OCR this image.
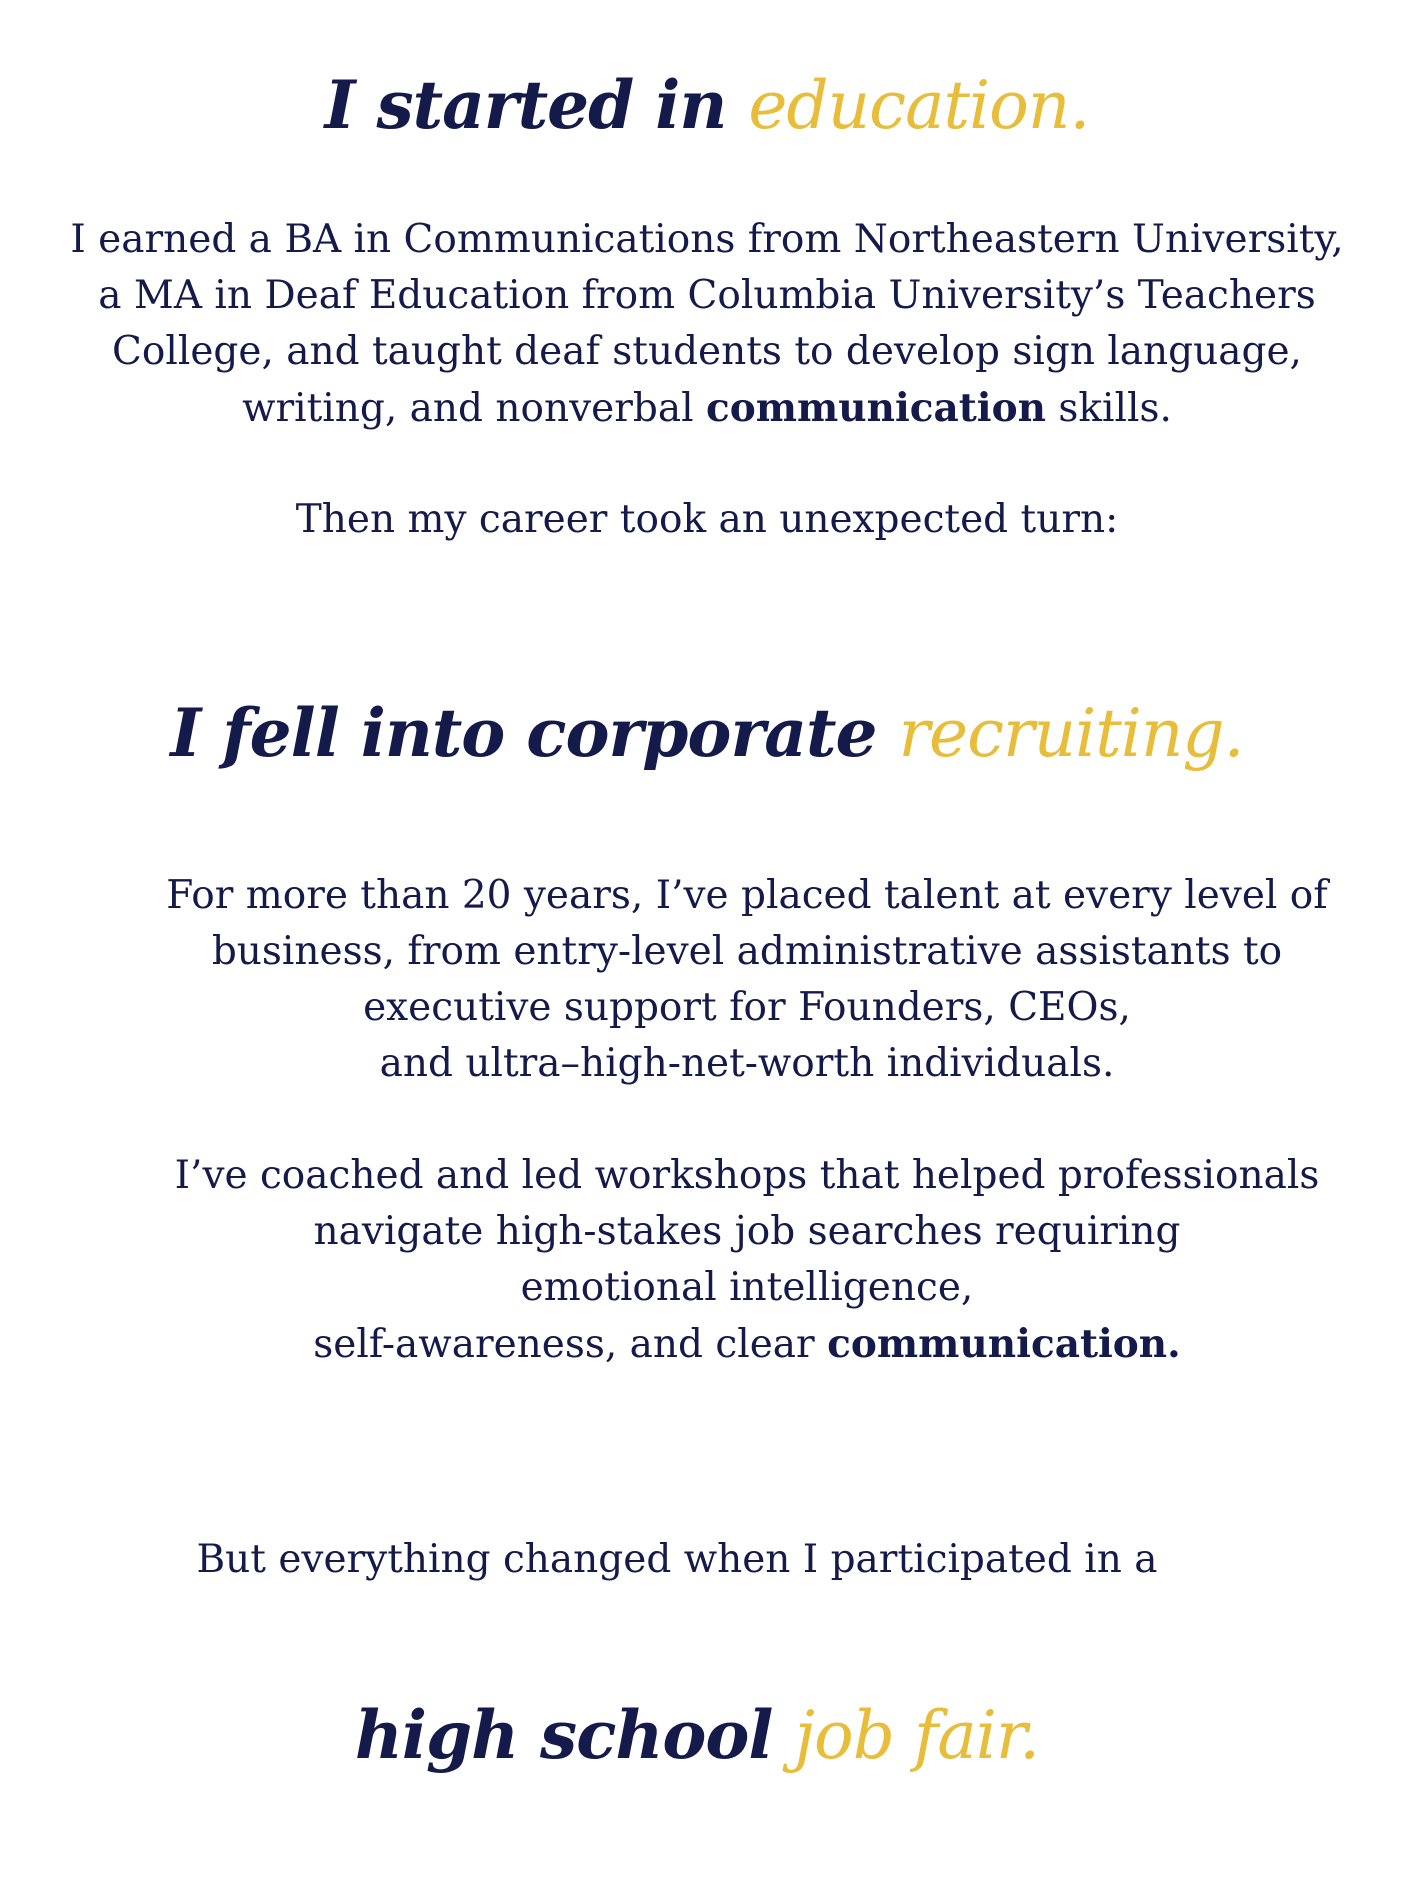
I started in education.
I earned a BA in Communications from Northeastern University,
a MA in Deaf Education from Columbia University’s Teachers
College, and taught deaf students to develop sign language,
writing, and nonverbal communication skills.
Then my career took an unexpected turn:
I fell into corporate recruiting.
For more than 20 years, I’ve placed talent at every level of
business, from entry-level administrative assistants to
executive support for Founders, CEOs,
and ultra–high-net-worth individuals.
I’ve coached and led workshops that helped professionals
navigate high-stakes job searches requiring
emotional intelligence,
self-awareness, and clear communication.
But everything changed when I participated in a
high school job fair.
